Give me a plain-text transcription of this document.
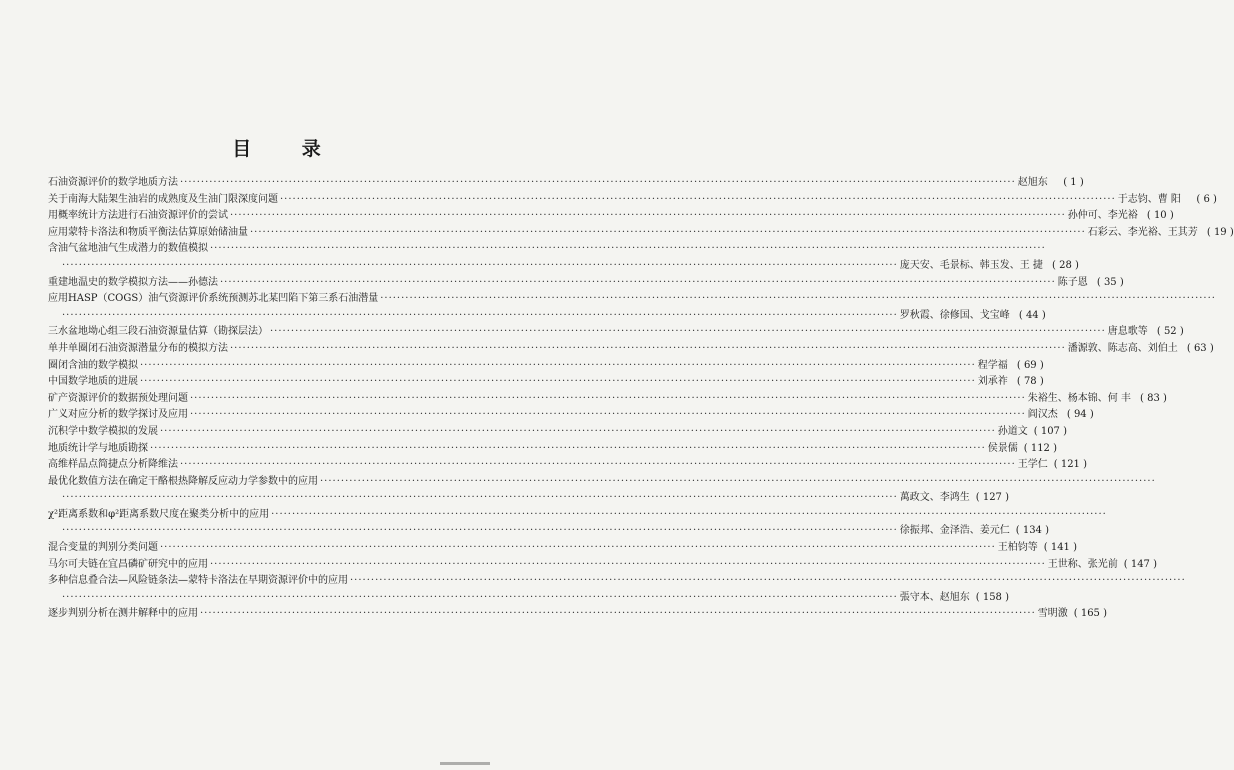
目 录
石油资源评价的数学地质方法 ········································································································································································································ 赵旭东	( 1 )
关于南海大陆架生油岩的成熟度及生油门限深度问题 ········································································································································································································ 于志钧、曹 阳	( 6 )
用概率统计方法进行石油资源评价的尝试 ········································································································································································································ 孙仲可、李光裕 ( 10 )
应用蒙特卡洛法和物质平衡法估算原始储油量 ········································································································································································································ 石彩云、李光裕、王其芳 ( 19 )
含油气盆地油气生成潜力的数值模拟 ········································································································································································································
········································································································································································································ 庞天安、毛景标、韩玉发、王 捷 ( 28 )
重建地温史的数学模拟方法——孙德法 ········································································································································································································ 陈子恩 ( 35 )
应用HASP（COGS）油气资源评价系统预测苏北某凹陷下第三系石油潜量 ········································································································································································································
········································································································································································································ 罗秋霞、徐修国、戈宝峰 ( 44 )
三水盆地坳心组三段石油资源量估算（勘探层法） ········································································································································································································ 唐息歌等 ( 52 )
单井单圈闭石油资源潜量分布的模拟方法 ········································································································································································································ 潘源敦、陈志高、刘伯土 ( 63 )
圈闭含油的数学模拟 ········································································································································································································ 程学福 ( 69 )
中国数学地质的进展 ········································································································································································································ 刘承祚 ( 78 )
矿产资源评价的数据预处理问题 ········································································································································································································ 朱裕生、杨本锦、何 丰 ( 83 )
广义对应分析的数学探讨及应用 ········································································································································································································ 阎汉杰 ( 94 )
沉积学中数学模拟的发展 ········································································································································································································ 孙道文 ( 107 )
地质统计学与地质勘探 ········································································································································································································ 侯景儒 ( 112 )
高维样品点简捷点分析降维法 ········································································································································································································ 王学仁 ( 121 )
最优化数值方法在确定干酪根热降解反应动力学参数中的应用 ········································································································································································································
········································································································································································································ 萬政文、李鸿生 ( 127 )
χ²距离系数和φ²距离系数尺度在聚类分析中的应用 ········································································································································································································
········································································································································································································ 徐振邦、金泽浩、姜元仁 ( 134 )
混合变量的判别分类问题 ········································································································································································································ 王柏钧等 ( 141 )
马尔可夫链在宜昌磷矿研究中的应用 ········································································································································································································ 王世称、张光前 ( 147 )
多种信息叠合法—风险链条法—蒙特卡洛法在早期资源评价中的应用 ········································································································································································································
········································································································································································································ 張守本、赵旭东 ( 158 )
逐步判别分析在测井解释中的应用 ········································································································································································································ 雪明激 ( 165 )
